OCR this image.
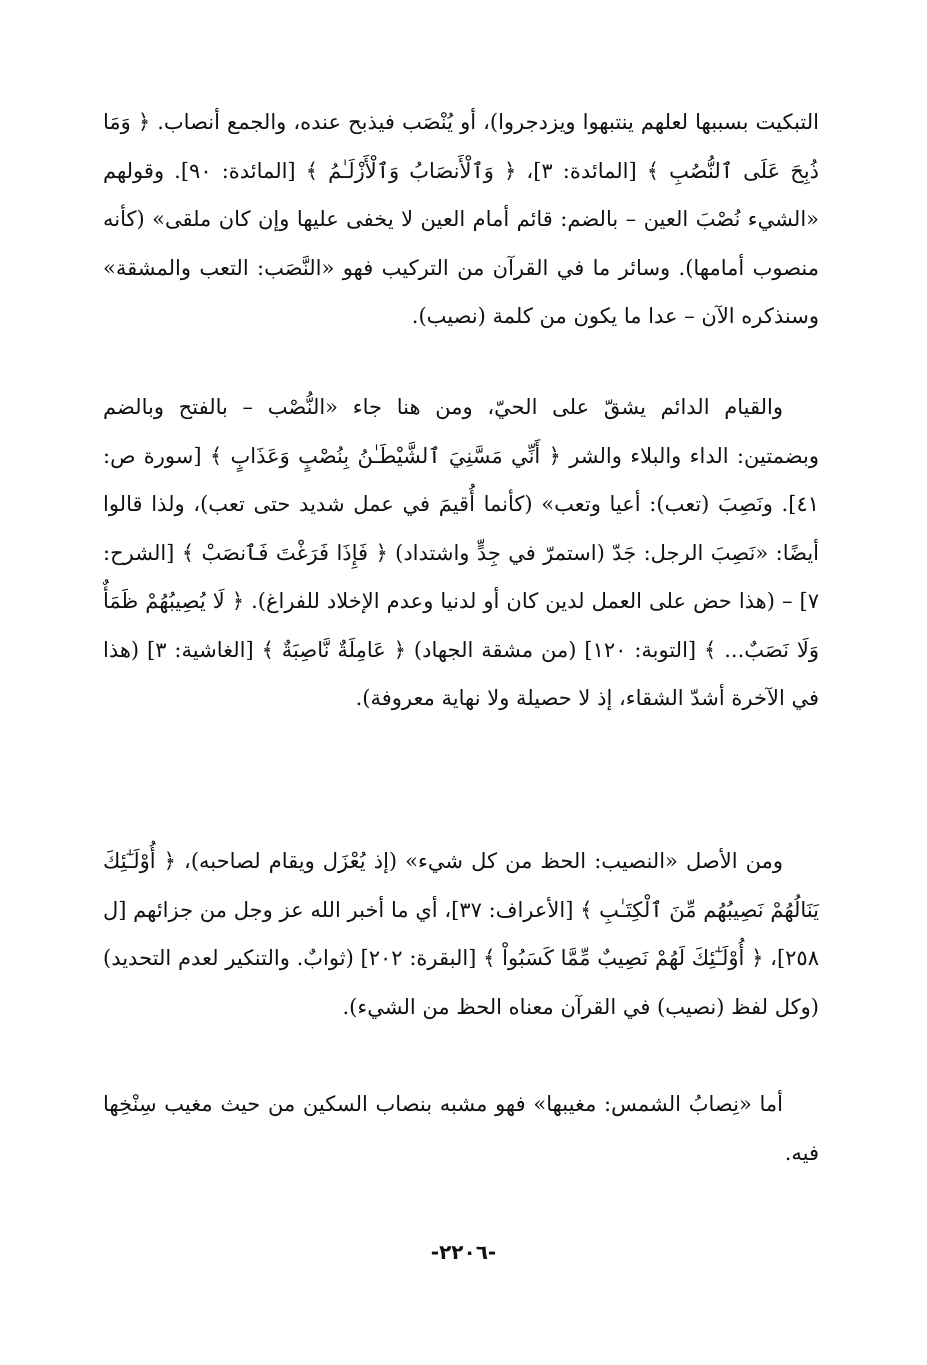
التبكيت بسببها لعلهم ينتبهوا ويزدجروا)، أو يُنْصَب فيذبح عنده، والجمع أنصاب. ﴿ وَمَا ذُبِحَ عَلَى ٱلنُّصُبِ ﴾ [المائدة: ٣]، ﴿ وَٱلْأَنصَابُ وَٱلْأَزْلَـٰمُ ﴾ [المائدة: ٩٠]. وقولهم «الشيء نُصْبَ العين – بالضم: قائم أمام العين لا يخفى عليها وإن كان ملقى» (كأنه منصوب أمامها). وسائر ما في القرآن من التركيب فهو «النَّصَب: التعب والمشقة» وسنذكره الآن – عدا ما يكون من كلمة (نصيب).

والقيام الدائم يشقّ على الحيّ، ومن هنا جاء «النُّصْب – بالفتح وبالضم وبضمتين: الداء والبلاء والشر ﴿ أَنِّي مَسَّنِيَ ٱلشَّيْطَـٰنُ بِنُصْبٍ وَعَذَابٍ ﴾ [سورة ص: ٤١]. ونَصِبَ (تعب): أعيا وتعب» (كأنما أُقيمَ في عمل شديد حتى تعب)، ولذا قالوا أيضًا: «نَصِبَ الرجل: جَدّ (استمرّ في جِدٍّ واشتداد) ﴿ فَإِذَا فَرَغْتَ فَٱنصَبْ ﴾ [الشرح: ٧] – (هذا حض على العمل لدين كان أو لدنيا وعدم الإخلاد للفراغ). ﴿ لَا يُصِيبُهُمْ ظَمَأٌ وَلَا نَصَبٌ... ﴾ [التوبة: ١٢٠] (من مشقة الجهاد) ﴿ عَامِلَةٌ نَّاصِبَةٌ ﴾ [الغاشية: ٣] (هذا في الآخرة أشدّ الشقاء، إذ لا حصيلة ولا نهاية معروفة).

ومن الأصل «النصيب: الحظ من كل شيء» (إذ يُعْزَل ويقام لصاحبه)، ﴿ أُوْلَـٰٓئِكَ يَنَالُهُمْ نَصِيبُهُم مِّنَ ٱلْكِتَـٰبِ ﴾ [الأعراف: ٣٧]، أي ما أخبر الله عز وجل من جزائهم [ل ٢٥٨]، ﴿ أُوْلَـٰٓئِكَ لَهُمْ نَصِيبٌ مِّمَّا كَسَبُواْ ﴾ [البقرة: ٢٠٢] (ثوابٌ. والتنكير لعدم التحديد) (وكل لفظ (نصيب) في القرآن معناه الحظ من الشيء).

أما «نِصابُ الشمس: مغيبها» فهو مشبه بنصاب السكين من حيث مغيب سِنْخِها فيه.

-٢٢٠٦-
